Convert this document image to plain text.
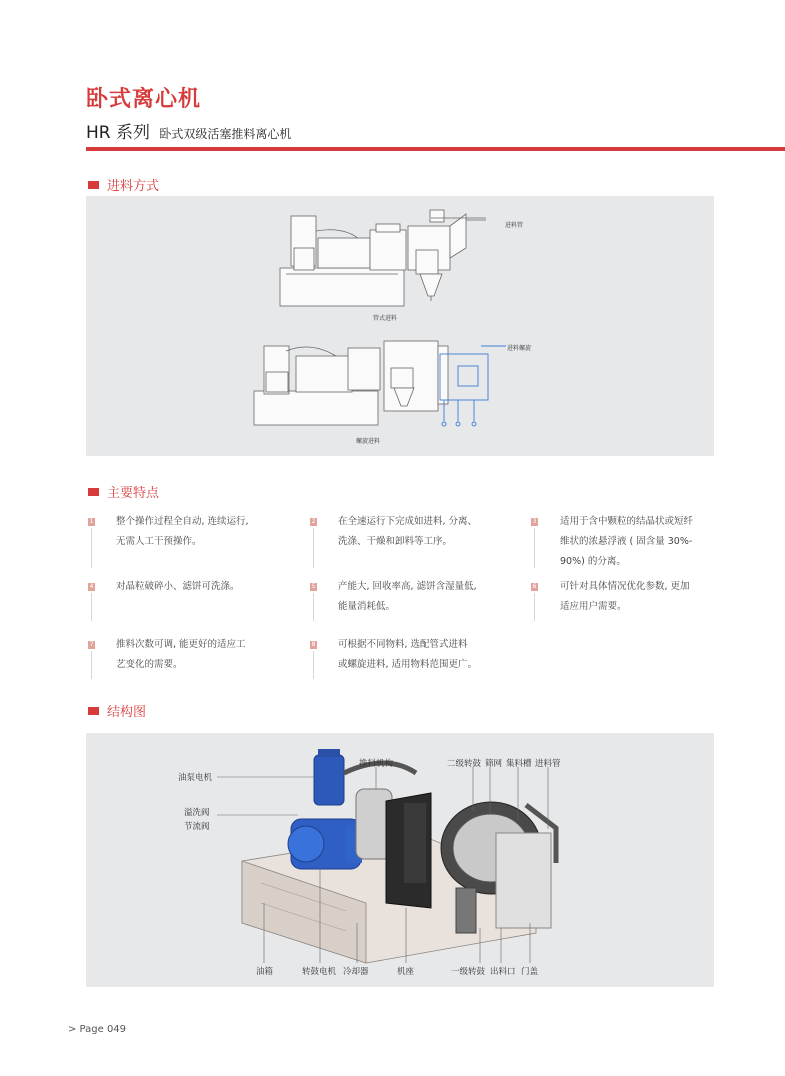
卧式离心机
HR 系列 卧式双级活塞推料离心机
进料方式
管式进料
进料管
螺旋进料
进料螺旋
主要特点
1 整个操作过程全自动, 连续运行,
无需人工干预操作。
2 在全速运行下完成如进料, 分离、
洗涤、干燥和卸料等工序。
3 适用于含中颗粒的结晶状或短纤
维状的浓悬浮液 ( 固含量 30%-
90%) 的分离。
4 对晶粒破碎小、滤饼可洗涤。	5 产能大, 回收率高, 滤饼含湿量低,
能量消耗低。
6 可针对具体情况优化参数, 更加
适应用户需要。
7 推料次数可调, 能更好的适应工
艺变化的需要。
8 可根据不同物料, 选配管式进料
或螺旋进料, 适用物料范围更广。
结构图
油泵电机
溢洗阀
节流阀
推料机构	二级转鼓 筛网 集料槽 进料管
油箱	转鼓电机 冷却器	机座	一级转鼓 出料口 门盖
> Page 049
